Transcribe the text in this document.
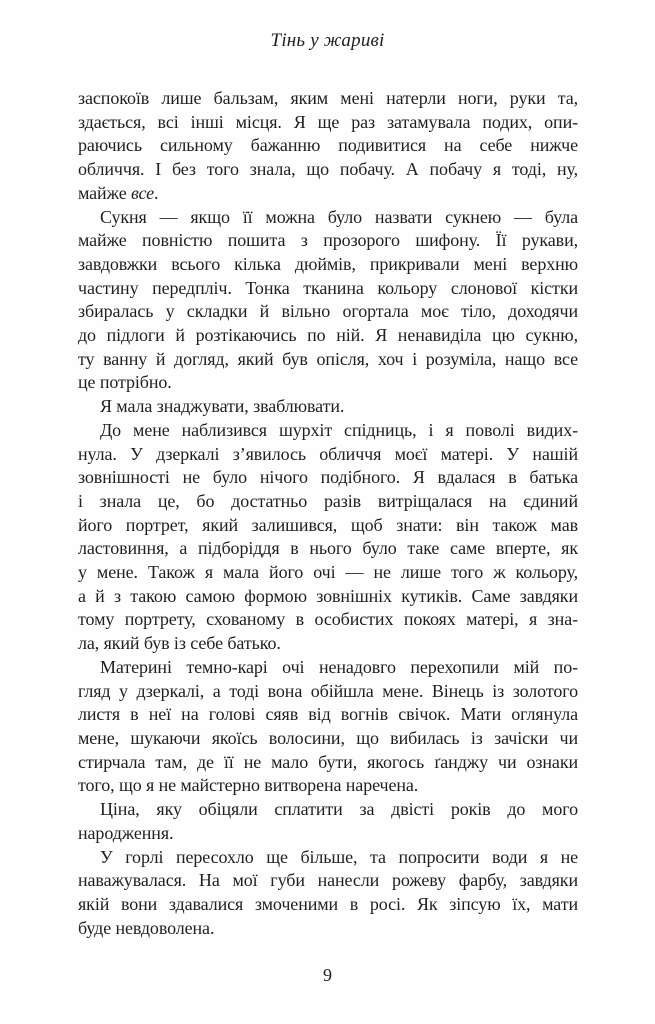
Тінь у жариві
заспокоїв лише бальзам, яким мені натерли ноги, руки та,
здається, всі інші місця. Я ще раз затамувала подих, опи-
раючись сильному бажанню подивитися на себе нижче
обличчя. І без того знала, що побачу. А побачу я тоді, ну,
майже все.
Сукня — якщо її можна було назвати сукнею — була
майже повністю пошита з прозорого шифону. Її рукави,
завдовжки всього кілька дюймів, прикривали мені верхню
частину передпліч. Тонка тканина кольору слонової кістки
збиралась у складки й вільно огортала моє тіло, доходячи
до підлоги й розтікаючись по ній. Я ненавиділа цю сукню,
ту ванну й догляд, який був опісля, хоч і розуміла, нащо все
це потрібно.
Я мала знаджувати, зваблювати.
До мене наблизився шурхіт спідниць, і я поволі видих-
нула. У дзеркалі з’явилось обличчя моєї матері. У нашій
зовнішності не було нічого подібного. Я вдалася в батька
і знала це, бо достатньо разів витріщалася на єдиний
його портрет, який залишився, щоб знати: він також мав
ластовиння, а підборіддя в нього було таке саме вперте, як
у мене. Також я мала його очі — не лише того ж кольору,
а й з такою самою формою зовнішніх кутиків. Саме завдяки
тому портрету, схованому в особистих покоях матері, я зна-
ла, який був із себе батько.
Материні темно-карі очі ненадовго перехопили мій по-
гляд у дзеркалі, а тоді вона обійшла мене. Вінець із золотого
листя в неї на голові сяяв від вогнів свічок. Мати оглянула
мене, шукаючи якоїсь волосини, що вибилась із зачіски чи
стирчала там, де її не мало бути, якогось ґанджу чи ознаки
того, що я не майстерно витворена наречена.
Ціна, яку обіцяли сплатити за двісті років до мого
народження.
У горлі пересохло ще більше, та попросити води я не
наважувалася. На мої губи нанесли рожеву фарбу, завдяки
якій вони здавалися змоченими в росі. Як зіпсую їх, мати
буде невдоволена.
9
